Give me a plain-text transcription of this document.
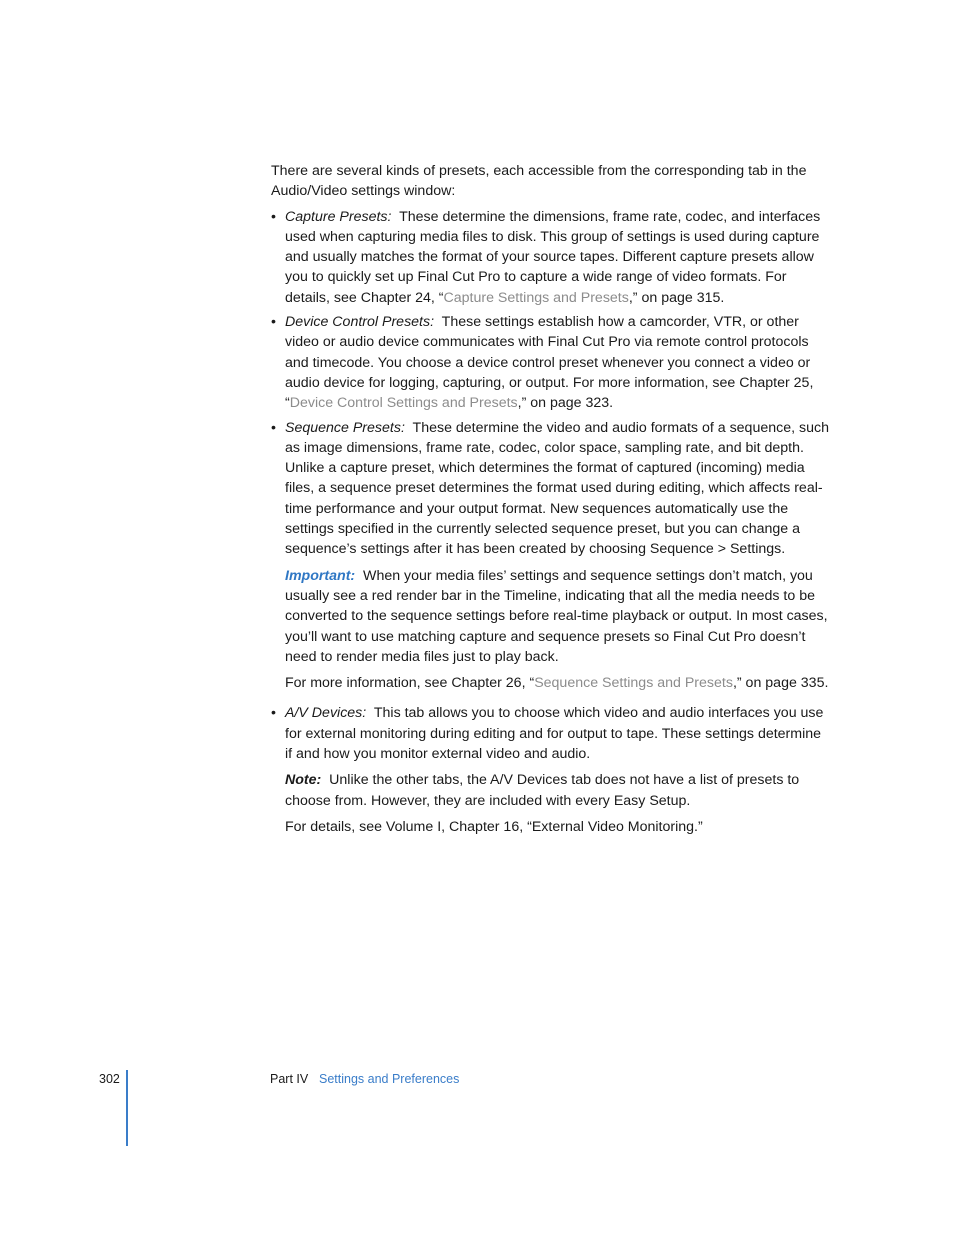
There are several kinds of presets, each accessible from the corresponding tab in the Audio/Video settings window:

• Capture Presets: These determine the dimensions, frame rate, codec, and interfaces used when capturing media files to disk. This group of settings is used during capture and usually matches the format of your source tapes. Different capture presets allow you to quickly set up Final Cut Pro to capture a wide range of video formats. For details, see Chapter 24, “Capture Settings and Presets,” on page 315.
• Device Control Presets: These settings establish how a camcorder, VTR, or other video or audio device communicates with Final Cut Pro via remote control protocols and timecode. You choose a device control preset whenever you connect a video or audio device for logging, capturing, or output. For more information, see Chapter 25, “Device Control Settings and Presets,” on page 323.
• Sequence Presets: These determine the video and audio formats of a sequence, such as image dimensions, frame rate, codec, color space, sampling rate, and bit depth. Unlike a capture preset, which determines the format of captured (incoming) media files, a sequence preset determines the format used during editing, which affects real-time performance and your output format. New sequences automatically use the settings specified in the currently selected sequence preset, but you can change a sequence’s settings after it has been created by choosing Sequence > Settings.

Important: When your media files’ settings and sequence settings don’t match, you usually see a red render bar in the Timeline, indicating that all the media needs to be converted to the sequence settings before real-time playback or output. In most cases, you’ll want to use matching capture and sequence presets so Final Cut Pro doesn’t need to render media files just to play back.

For more information, see Chapter 26, “Sequence Settings and Presets,” on page 335.

• A/V Devices: This tab allows you to choose which video and audio interfaces you use for external monitoring during editing and for output to tape. These settings determine if and how you monitor external video and audio.

Note: Unlike the other tabs, the A/V Devices tab does not have a list of presets to choose from. However, they are included with every Easy Setup.

For details, see Volume I, Chapter 16, “External Video Monitoring.”

302	Part IV Settings and Preferences
